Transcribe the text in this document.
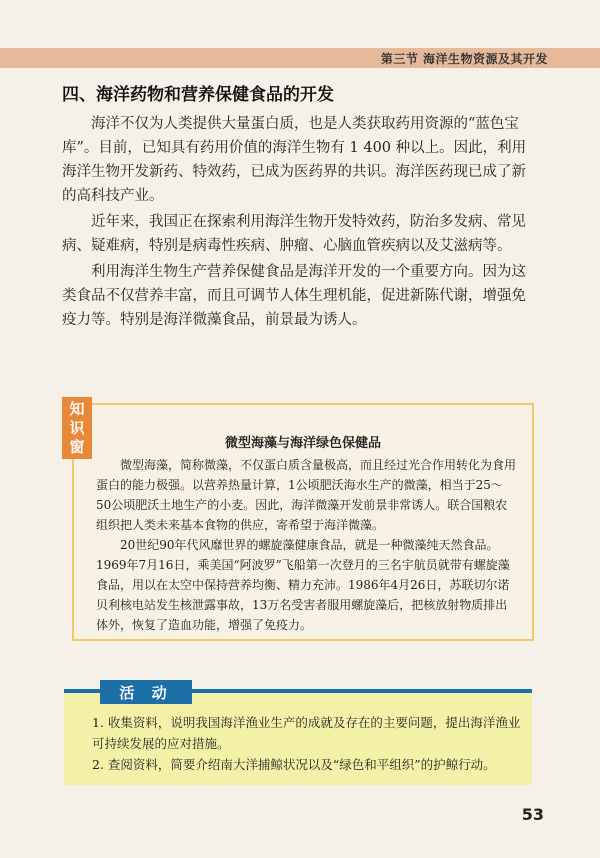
第三节 海洋生物资源及其开发
四、海洋药物和营养保健食品的开发

海洋不仅为人类提供大量蛋白质，也是人类获取药用资源的“蓝色宝库”。目前，已知具有药用价值的海洋生物有 1 400 种以上。因此，利用海洋生物开发新药、特效药，已成为医药界的共识。海洋医药现已成了新的高科技产业。

近年来，我国正在探索利用海洋生物开发特效药，防治多发病、常见病、疑难病，特别是病毒性疾病、肿瘤、心脑血管疾病以及艾滋病等。

利用海洋生物生产营养保健食品是海洋开发的一个重要方向。因为这类食品不仅营养丰富，而且可调节人体生理机能，促进新陈代谢，增强免疫力等。特别是海洋微藻食品，前景最为诱人。

知
识
窗	微型海藻与海洋绿色保健品

微型海藻，简称微藻，不仅蛋白质含量极高，而且经过光合作用转化为食用蛋白的能力极强。以营养热量计算，1公顷肥沃海水生产的微藻，相当于25～50公顷肥沃土地生产的小麦。因此，海洋微藻开发前景非常诱人。联合国粮农组织把人类未来基本食物的供应，寄希望于海洋微藻。

20世纪90年代风靡世界的螺旋藻健康食品，就是一种微藻纯天然食品。1969年7月16日，乘美国“阿波罗”飞船第一次登月的三名宇航员就带有螺旋藻食品，用以在太空中保持营养均衡、精力充沛。1986年4月26日，苏联切尔诺贝利核电站发生核泄露事故，13万名受害者服用螺旋藻后，把核放射物质排出体外，恢复了造血功能，增强了免疫力。

活 动

1. 收集资料，说明我国海洋渔业生产的成就及存在的主要问题，提出海洋渔业可持续发展的应对措施。

2. 查阅资料，简要介绍南大洋捕鲸状况以及“绿色和平组织”的护鲸行动。

53
